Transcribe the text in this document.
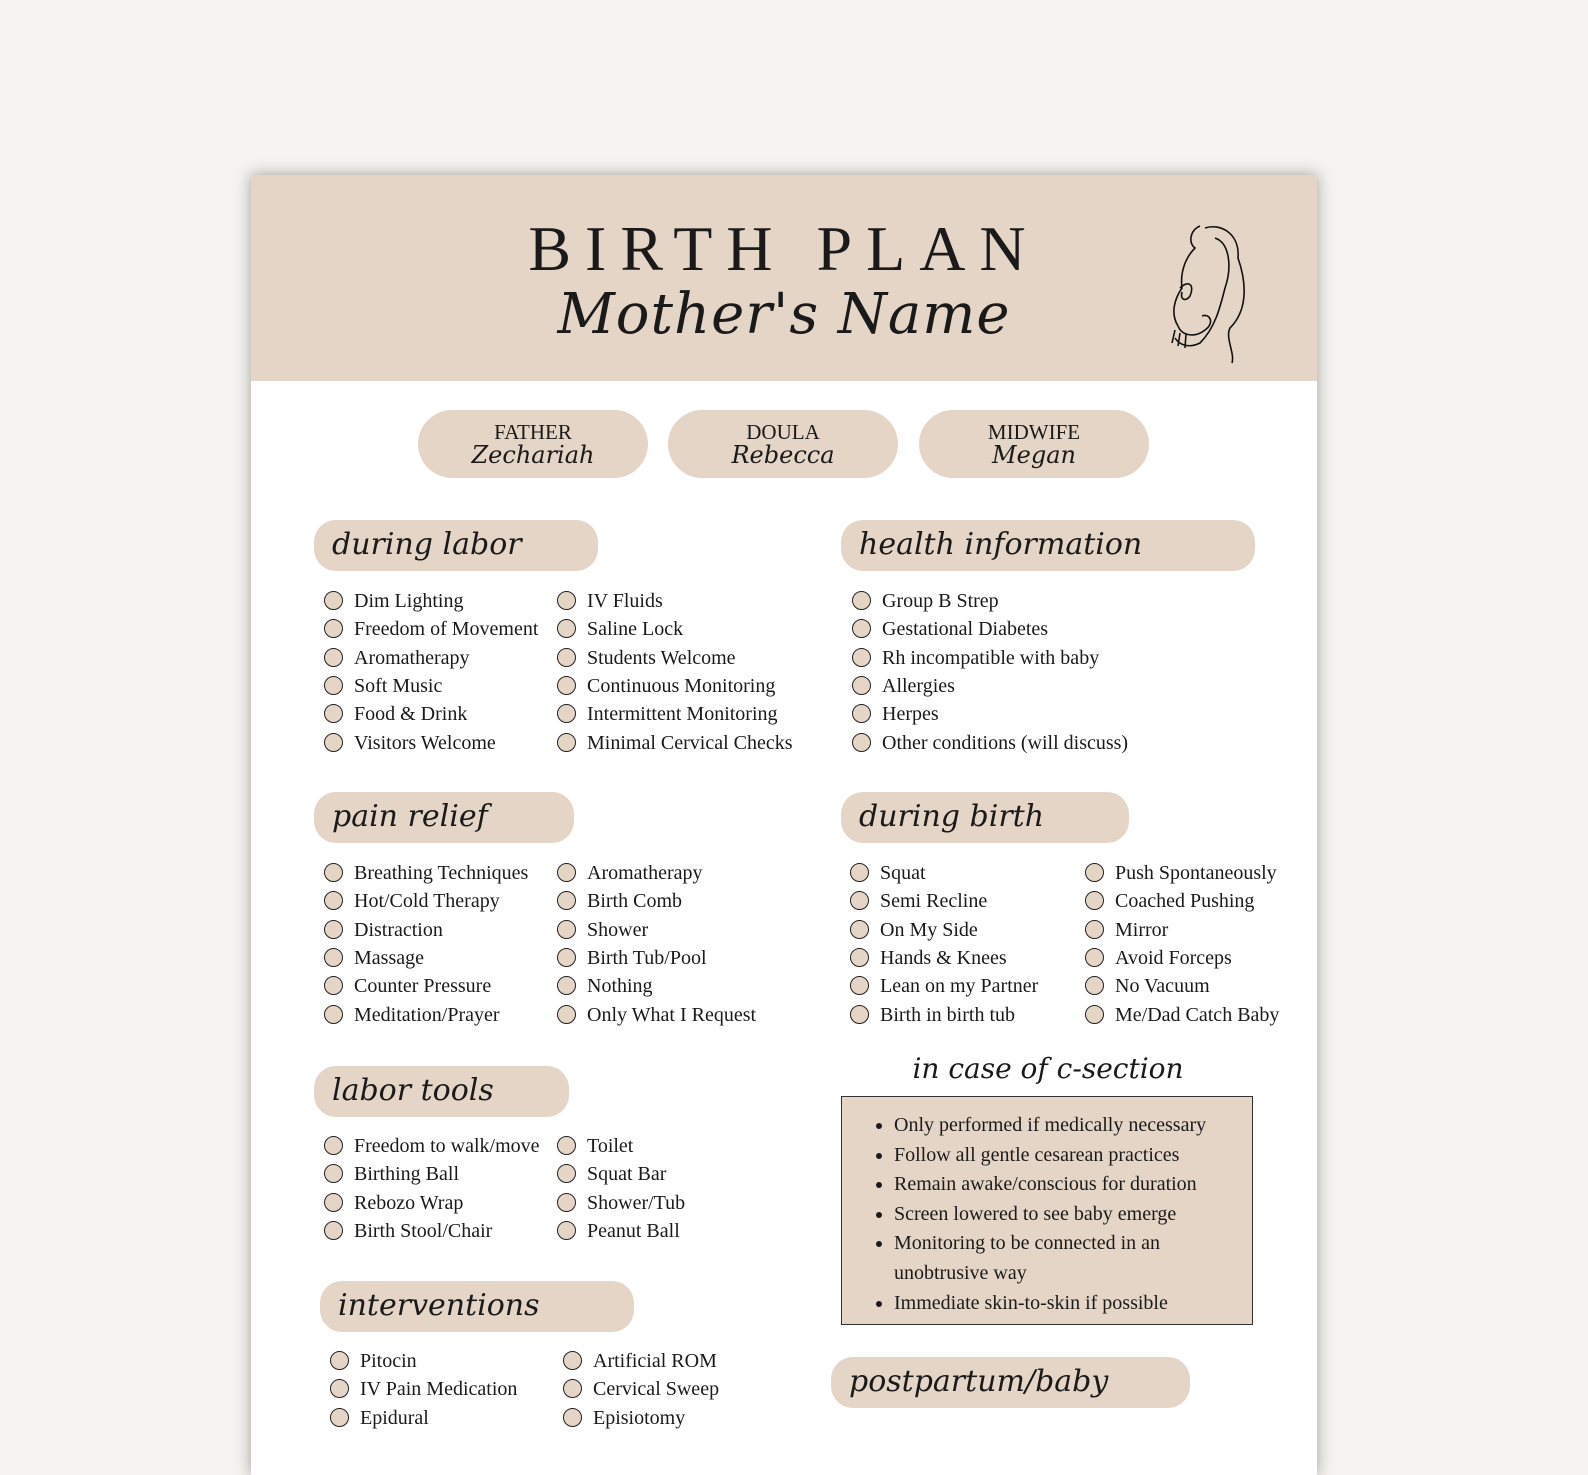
BIRTH PLAN
Mother's Name
FATHER
Zechariah
DOULA
Rebecca
MIDWIFE
Megan
during labor	health information
pain relief	during birth
labor tools
interventions
postpartum/baby
in case of c-section
• Only performed if medically necessary
• Follow all gentle cesarean practices
• Remain awake/conscious for duration
• Screen lowered to see baby emerge
• Monitoring to be connected in an unobtrusive way
• Immediate skin-to-skin if possible
Dim Lighting
Freedom of Movement
Aromatherapy
Soft Music
Food & Drink
Visitors Welcome
IV Fluids
Saline Lock
Students Welcome
Continuous Monitoring
Intermittent Monitoring
Minimal Cervical Checks
Group B Strep
Gestational Diabetes
Rh incompatible with baby
Allergies
Herpes
Other conditions (will discuss)
Breathing Techniques
Hot/Cold Therapy
Distraction
Massage
Counter Pressure
Meditation/Prayer
Aromatherapy
Birth Comb
Shower
Birth Tub/Pool
Nothing
Only What I Request
Squat
Semi Recline
On My Side
Hands & Knees
Lean on my Partner
Birth in birth tub
Push Spontaneously
Coached Pushing
Mirror
Avoid Forceps
No Vacuum
Me/Dad Catch Baby
Freedom to walk/move
Birthing Ball
Rebozo Wrap
Birth Stool/Chair
Toilet
Squat Bar
Shower/Tub
Peanut Ball
Pitocin
IV Pain Medication
Epidural
Artificial ROM
Cervical Sweep
Episiotomy
